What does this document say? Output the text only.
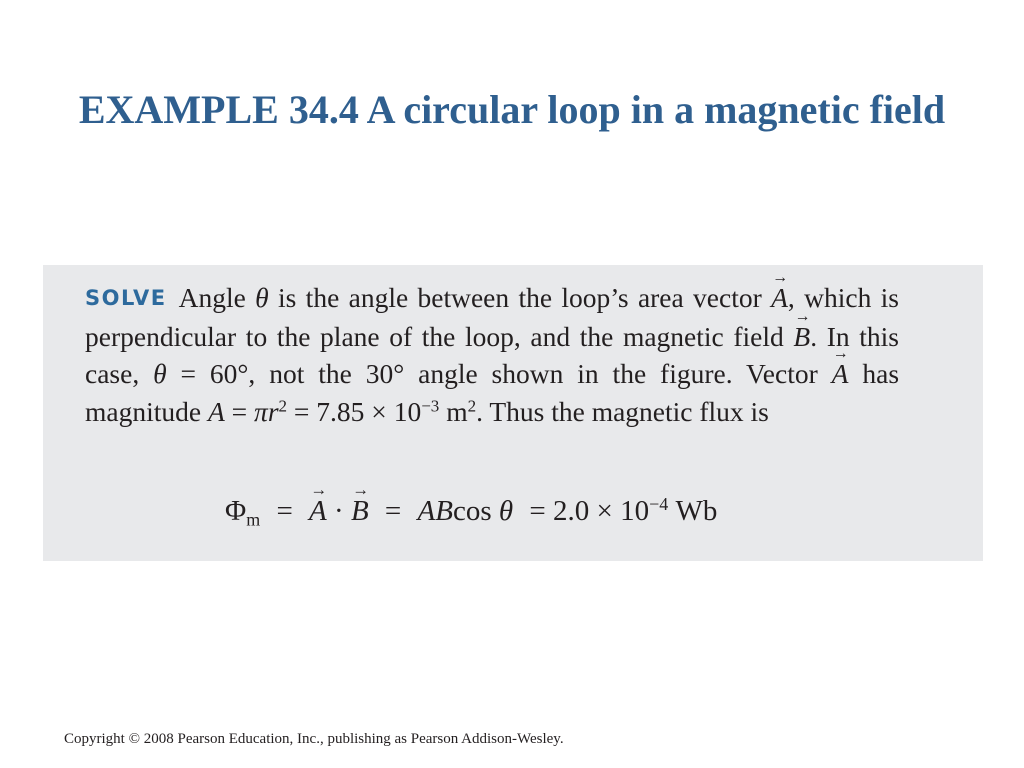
EXAMPLE 34.4 A circular loop in a magnetic field
SOLVE Angle θ is the angle between the loop’s area vector → A, which is perpendicular to the plane of the loop, and the magnetic field → B. In this case, θ = 60°, not the 30° angle shown in the figure. Vector → A has magnitude $A = \pi r^2 = 7.85 \times 10^{-3}$ $m^2$. Thus the magnetic flux is
$\Phi_m$ = → A · → B = ABcos $\theta = 2.0 \times 10^{-4}$ Wb
Copyright © 2008 Pearson Education, Inc., publishing as Pearson Addison-Wesley.
